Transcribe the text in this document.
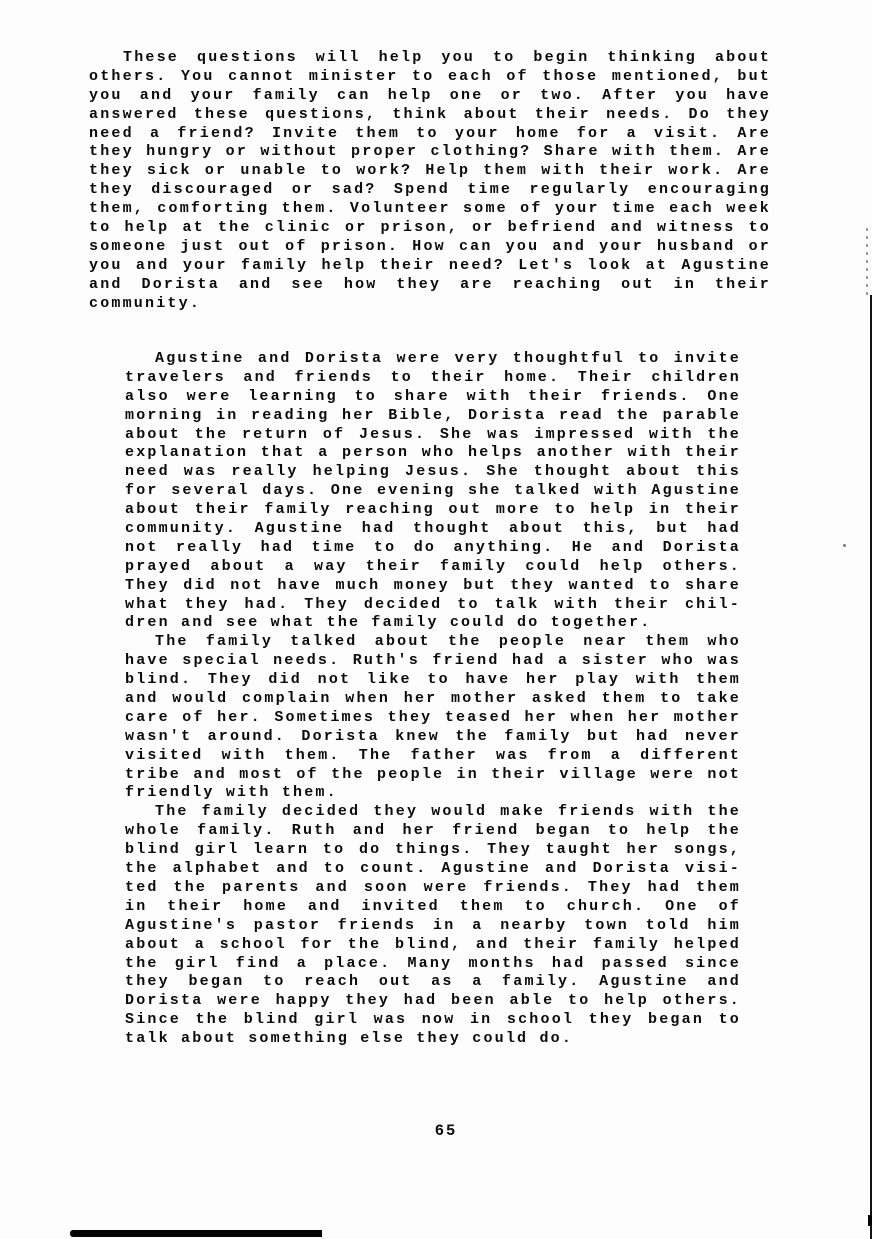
These questions will help you to begin thinking about
others. You cannot minister to each of those mentioned, but
you and your family can help one or two. After you have
answered these questions, think about their needs. Do they
need a friend? Invite them to your home for a visit. Are
they hungry or without proper clothing? Share with them. Are
they sick or unable to work? Help them with their work. Are
they discouraged or sad? Spend time regularly encouraging
them, comforting them. Volunteer some of your time each week
to help at the clinic or prison, or befriend and witness to
someone just out of prison. How can you and your husband or
you and your family help their need? Let's look at Agustine
and Dorista and see how they are reaching out in their
community.
Agustine and Dorista were very thoughtful to invite
travelers and friends to their home. Their children
also were learning to share with their friends. One
morning in reading her Bible, Dorista read the parable
about the return of Jesus. She was impressed with the
explanation that a person who helps another with their
need was really helping Jesus. She thought about this
for several days. One evening she talked with Agustine
about their family reaching out more to help in their
community. Agustine had thought about this, but had
not really had time to do anything. He and Dorista
prayed about a way their family could help others.
They did not have much money but they wanted to share
what they had. They decided to talk with their chil-
dren and see what the family could do together.
The family talked about the people near them who
have special needs. Ruth's friend had a sister who was
blind. They did not like to have her play with them
and would complain when her mother asked them to take
care of her. Sometimes they teased her when her mother
wasn't around. Dorista knew the family but had never
visited with them. The father was from a different
tribe and most of the people in their village were not
friendly with them.
The family decided they would make friends with the
whole family. Ruth and her friend began to help the
blind girl learn to do things. They taught her songs,
the alphabet and to count. Agustine and Dorista visi-
ted the parents and soon were friends. They had them
in their home and invited them to church. One of
Agustine's pastor friends in a nearby town told him
about a school for the blind, and their family helped
the girl find a place. Many months had passed since
they began to reach out as a family. Agustine and
Dorista were happy they had been able to help others.
Since the blind girl was now in school they began to
talk about something else they could do.
65
